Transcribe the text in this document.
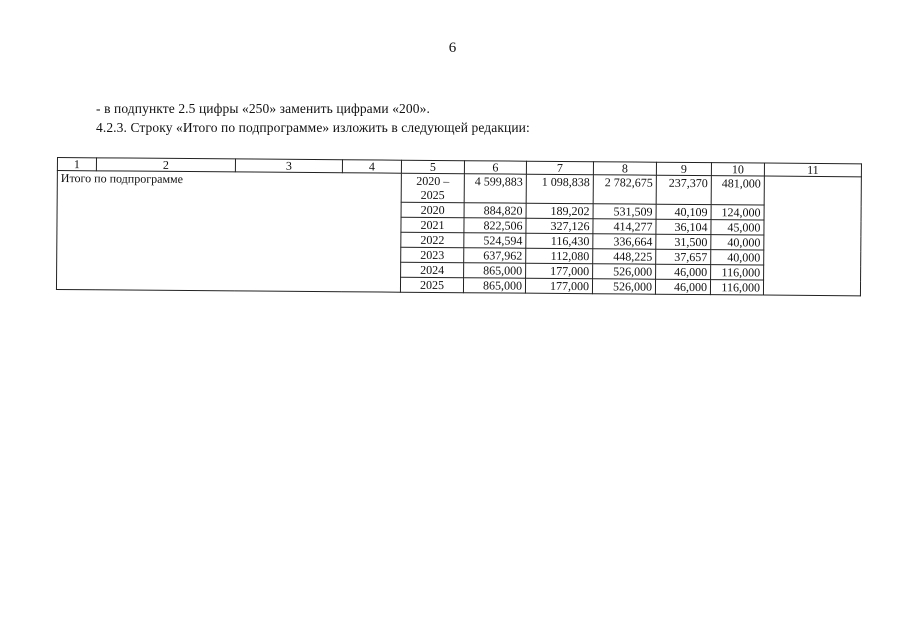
6
- в подпункте 2.5 цифры «250» заменить цифрами «200».
4.2.3. Строку «Итого по подпрограмме» изложить в следующей редакции:
1	2	3	4	5	6	7	8	9	10	11
Итого по подпрограмме				2020 – 2025	4 599,883	1 098,838	2 782,675	237,370	481,000	
				2020	884,820	189,202	531,509	40,109	124,000	
				2021	822,506	327,126	414,277	36,104	45,000	
				2022	524,594	116,430	336,664	31,500	40,000	
				2023	637,962	112,080	448,225	37,657	40,000	
				2024	865,000	177,000	526,000	46,000	116,000	
				2025	865,000	177,000	526,000	46,000	116,000	
